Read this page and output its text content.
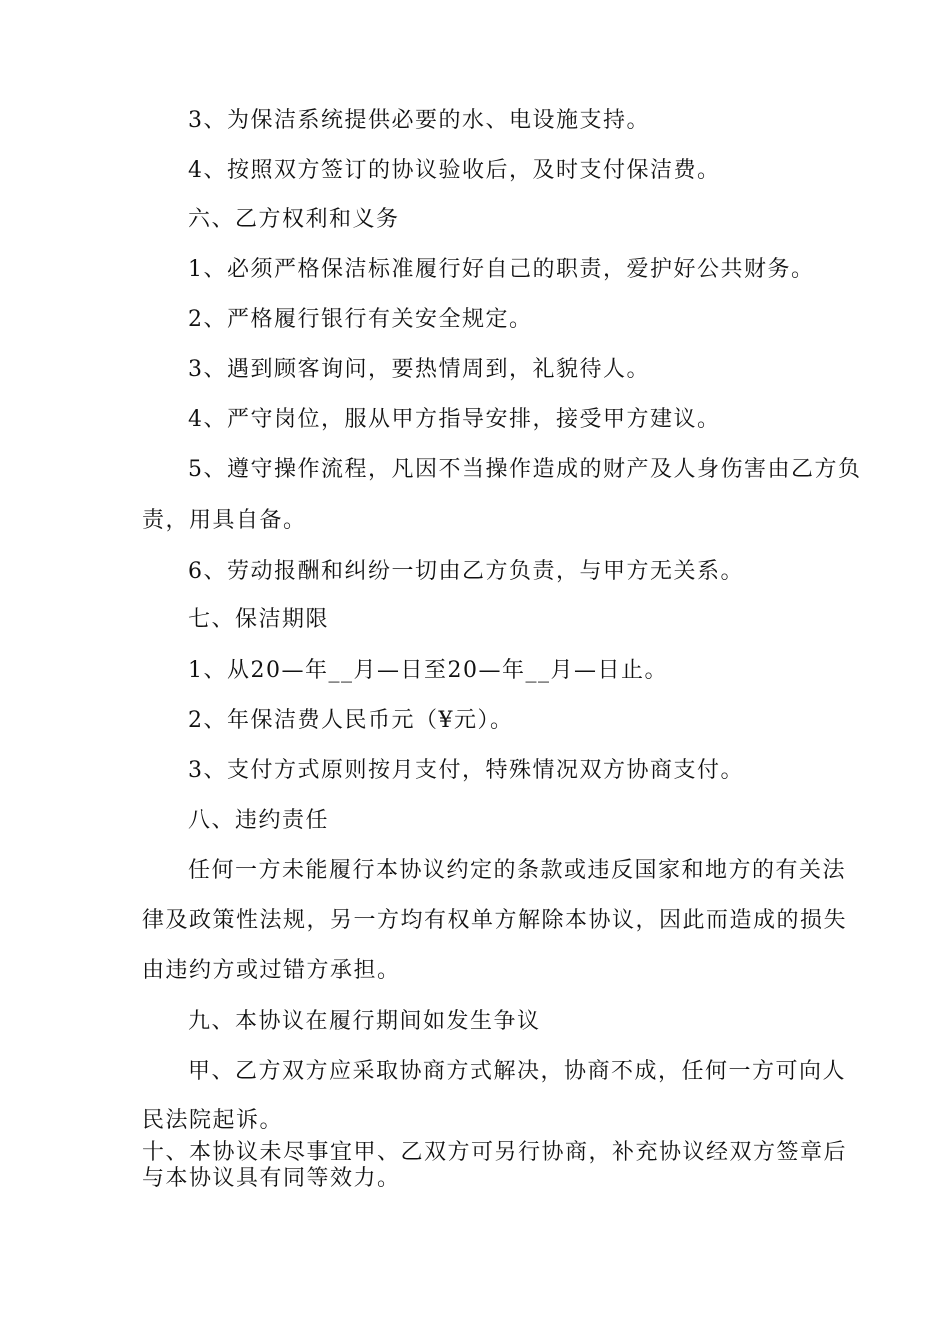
3、为保洁系统提供必要的水、电设施支持。
4、按照双方签订的协议验收后，及时支付保洁费。
六、乙方权利和义务
1、必须严格保洁标准履行好自己的职责，爱护好公共财务。
2、严格履行银行有关安全规定。
3、遇到顾客询问，要热情周到，礼貌待人。
4、严守岗位，服从甲方指导安排，接受甲方建议。
5、遵守操作流程，凡因不当操作造成的财产及人身伤害由乙方负
责，用具自备。
6、劳动报酬和纠纷一切由乙方负责，与甲方无关系。
七、保洁期限
1、从20—年__月—日至20—年__月—日止。
2、年保洁费人民币元（¥元）。
3、支付方式原则按月支付，特殊情况双方协商支付。
八、违约责任
任何一方未能履行本协议约定的条款或违反国家和地方的有关法
律及政策性法规，另一方均有权单方解除本协议，因此而造成的损失
由违约方或过错方承担。
九、本协议在履行期间如发生争议
甲、乙方双方应采取协商方式解决，协商不成，任何一方可向人
民法院起诉。
十、本协议未尽事宜甲、乙双方可另行协商，补充协议经双方签章后
与本协议具有同等效力。
